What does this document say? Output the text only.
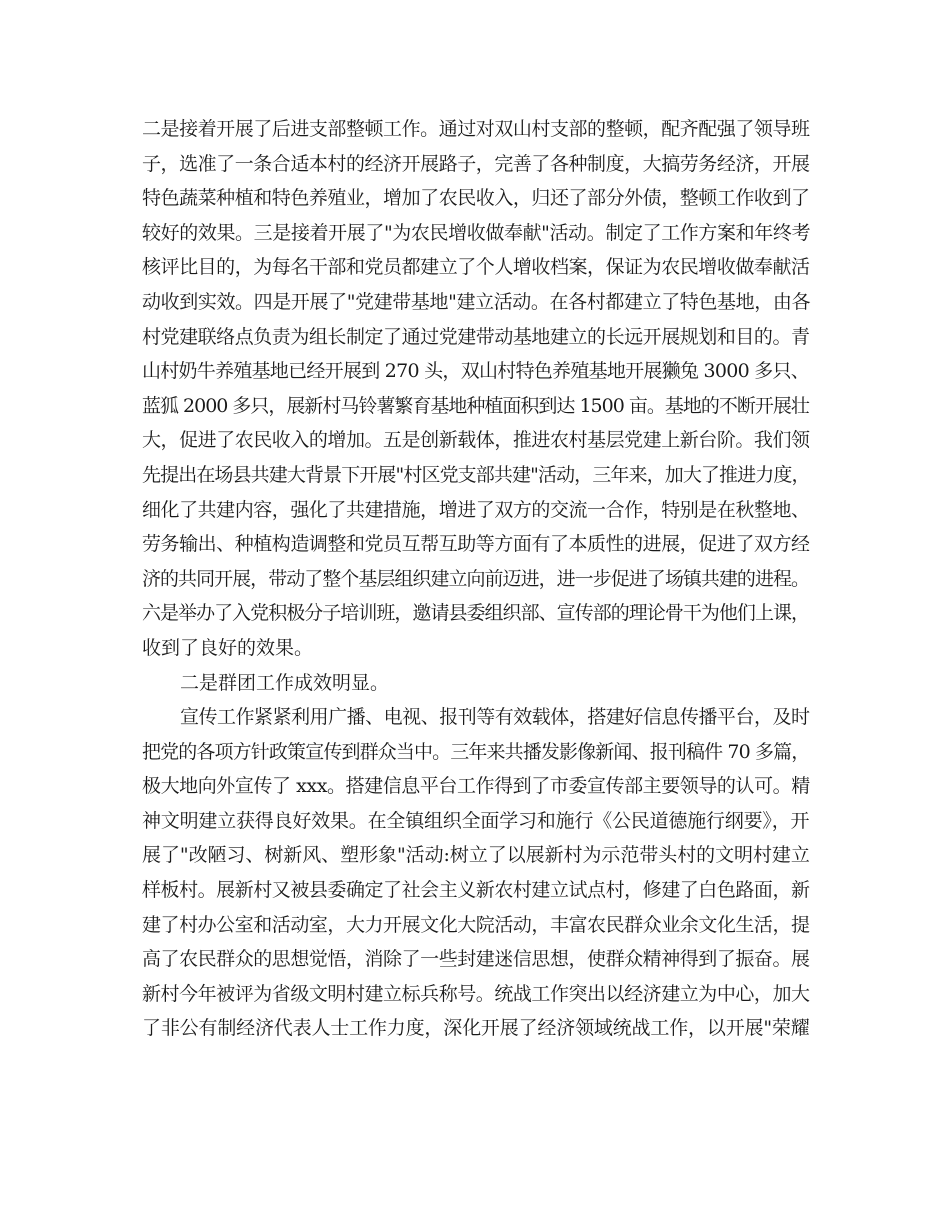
二是接着开展了后进支部整顿工作。通过对双山村支部的整顿，配齐配强了领导班
子，选准了一条合适本村的经济开展路子，完善了各种制度，大搞劳务经济，开展
特色蔬菜种植和特色养殖业，增加了农民收入，归还了部分外债，整顿工作收到了
较好的效果。三是接着开展了"为农民增收做奉献"活动。制定了工作方案和年终考
核评比目的，为每名干部和党员都建立了个人增收档案，保证为农民增收做奉献活
动收到实效。四是开展了"党建带基地"建立活动。在各村都建立了特色基地，由各
村党建联络点负责为组长制定了通过党建带动基地建立的长远开展规划和目的。青
山村奶牛养殖基地已经开展到 270 头，双山村特色养殖基地开展獭兔 3000 多只、
蓝狐 2000 多只，展新村马铃薯繁育基地种植面积到达 1500 亩。基地的不断开展壮
大，促进了农民收入的增加。五是创新载体，推进农村基层党建上新台阶。我们领
先提出在场县共建大背景下开展"村区党支部共建"活动，三年来，加大了推进力度，
细化了共建内容，强化了共建措施，增进了双方的交流一合作，特别是在秋整地、
劳务输出、种植构造调整和党员互帮互助等方面有了本质性的进展，促进了双方经
济的共同开展，带动了整个基层组织建立向前迈进，进一步促进了场镇共建的进程。
六是举办了入党积极分子培训班，邀请县委组织部、宣传部的理论骨干为他们上课，
收到了良好的效果。
二是群团工作成效明显。
宣传工作紧紧利用广播、电视、报刊等有效载体，搭建好信息传播平台，及时
把党的各项方针政策宣传到群众当中。三年来共播发影像新闻、报刊稿件 70 多篇，
极大地向外宣传了 xxx。搭建信息平台工作得到了市委宣传部主要领导的认可。精
神文明建立获得良好效果。在全镇组织全面学习和施行《公民道德施行纲要》，开
展了"改陋习、树新风、塑形象"活动:树立了以展新村为示范带头村的文明村建立
样板村。展新村又被县委确定了社会主义新农村建立试点村，修建了白色路面，新
建了村办公室和活动室，大力开展文化大院活动，丰富农民群众业余文化生活，提
高了农民群众的思想觉悟，消除了一些封建迷信思想，使群众精神得到了振奋。展
新村今年被评为省级文明村建立标兵称号。统战工作突出以经济建立为中心，加大
了非公有制经济代表人士工作力度，深化开展了经济领域统战工作，以开展"荣耀
